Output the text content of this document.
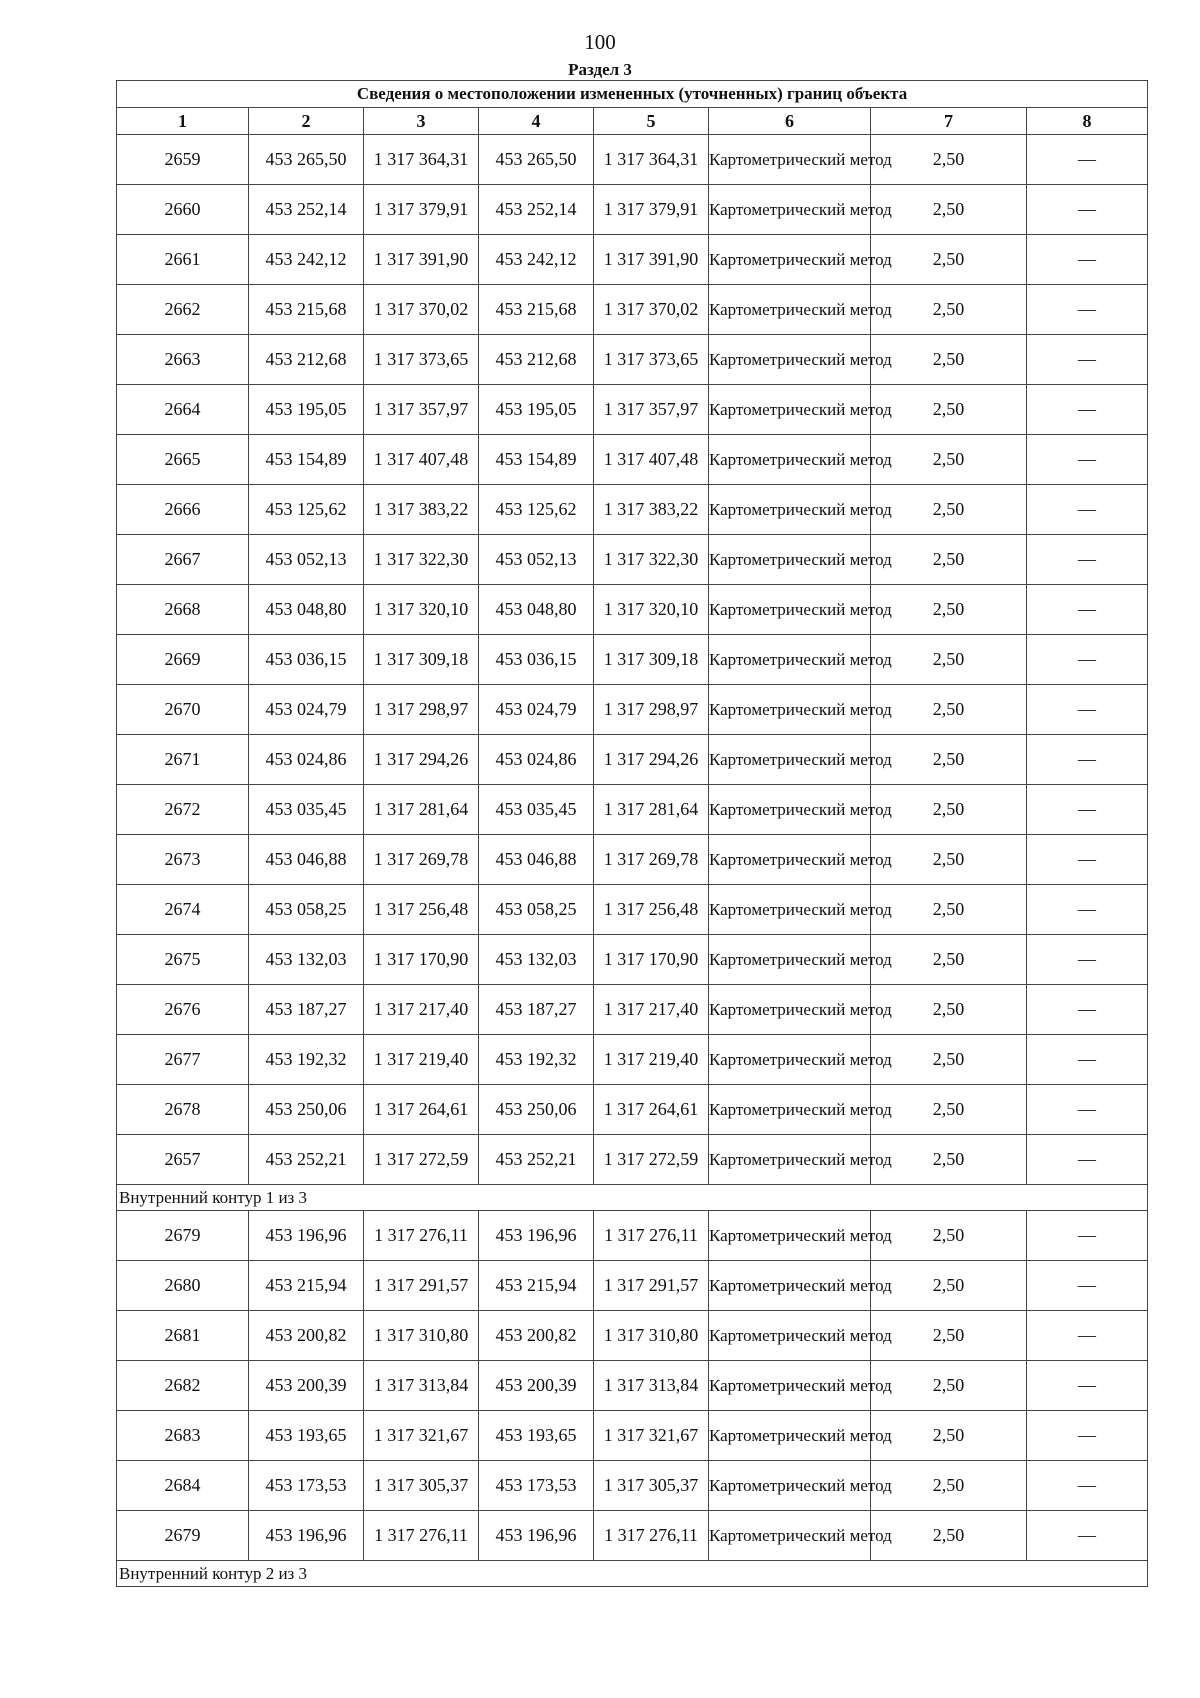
100
Раздел 3
Сведения о местоположении измененных (уточненных) границ объекта							
1	2	3	4	5	6	7	8
2659	453 265,50	1 317 364,31	453 265,50	1 317 364,31	Картометрический метод	2,50	—
2660	453 252,14	1 317 379,91	453 252,14	1 317 379,91	Картометрический метод	2,50	—
2661	453 242,12	1 317 391,90	453 242,12	1 317 391,90	Картометрический метод	2,50	—
2662	453 215,68	1 317 370,02	453 215,68	1 317 370,02	Картометрический метод	2,50	—
2663	453 212,68	1 317 373,65	453 212,68	1 317 373,65	Картометрический метод	2,50	—
2664	453 195,05	1 317 357,97	453 195,05	1 317 357,97	Картометрический метод	2,50	—
2665	453 154,89	1 317 407,48	453 154,89	1 317 407,48	Картометрический метод	2,50	—
2666	453 125,62	1 317 383,22	453 125,62	1 317 383,22	Картометрический метод	2,50	—
2667	453 052,13	1 317 322,30	453 052,13	1 317 322,30	Картометрический метод	2,50	—
2668	453 048,80	1 317 320,10	453 048,80	1 317 320,10	Картометрический метод	2,50	—
2669	453 036,15	1 317 309,18	453 036,15	1 317 309,18	Картометрический метод	2,50	—
2670	453 024,79	1 317 298,97	453 024,79	1 317 298,97	Картометрический метод	2,50	—
2671	453 024,86	1 317 294,26	453 024,86	1 317 294,26	Картометрический метод	2,50	—
2672	453 035,45	1 317 281,64	453 035,45	1 317 281,64	Картометрический метод	2,50	—
2673	453 046,88	1 317 269,78	453 046,88	1 317 269,78	Картометрический метод	2,50	—
2674	453 058,25	1 317 256,48	453 058,25	1 317 256,48	Картометрический метод	2,50	—
2675	453 132,03	1 317 170,90	453 132,03	1 317 170,90	Картометрический метод	2,50	—
2676	453 187,27	1 317 217,40	453 187,27	1 317 217,40	Картометрический метод	2,50	—
2677	453 192,32	1 317 219,40	453 192,32	1 317 219,40	Картометрический метод	2,50	—
2678	453 250,06	1 317 264,61	453 250,06	1 317 264,61	Картометрический метод	2,50	—
2657	453 252,21	1 317 272,59	453 252,21	1 317 272,59	Картометрический метод	2,50	—
Внутренний контур 1 из 3							
2679	453 196,96	1 317 276,11	453 196,96	1 317 276,11	Картометрический метод	2,50	—
2680	453 215,94	1 317 291,57	453 215,94	1 317 291,57	Картометрический метод	2,50	—
2681	453 200,82	1 317 310,80	453 200,82	1 317 310,80	Картометрический метод	2,50	—
2682	453 200,39	1 317 313,84	453 200,39	1 317 313,84	Картометрический метод	2,50	—
2683	453 193,65	1 317 321,67	453 193,65	1 317 321,67	Картометрический метод	2,50	—
2684	453 173,53	1 317 305,37	453 173,53	1 317 305,37	Картометрический метод	2,50	—
2679	453 196,96	1 317 276,11	453 196,96	1 317 276,11	Картометрический метод	2,50	—
Внутренний контур 2 из 3							
